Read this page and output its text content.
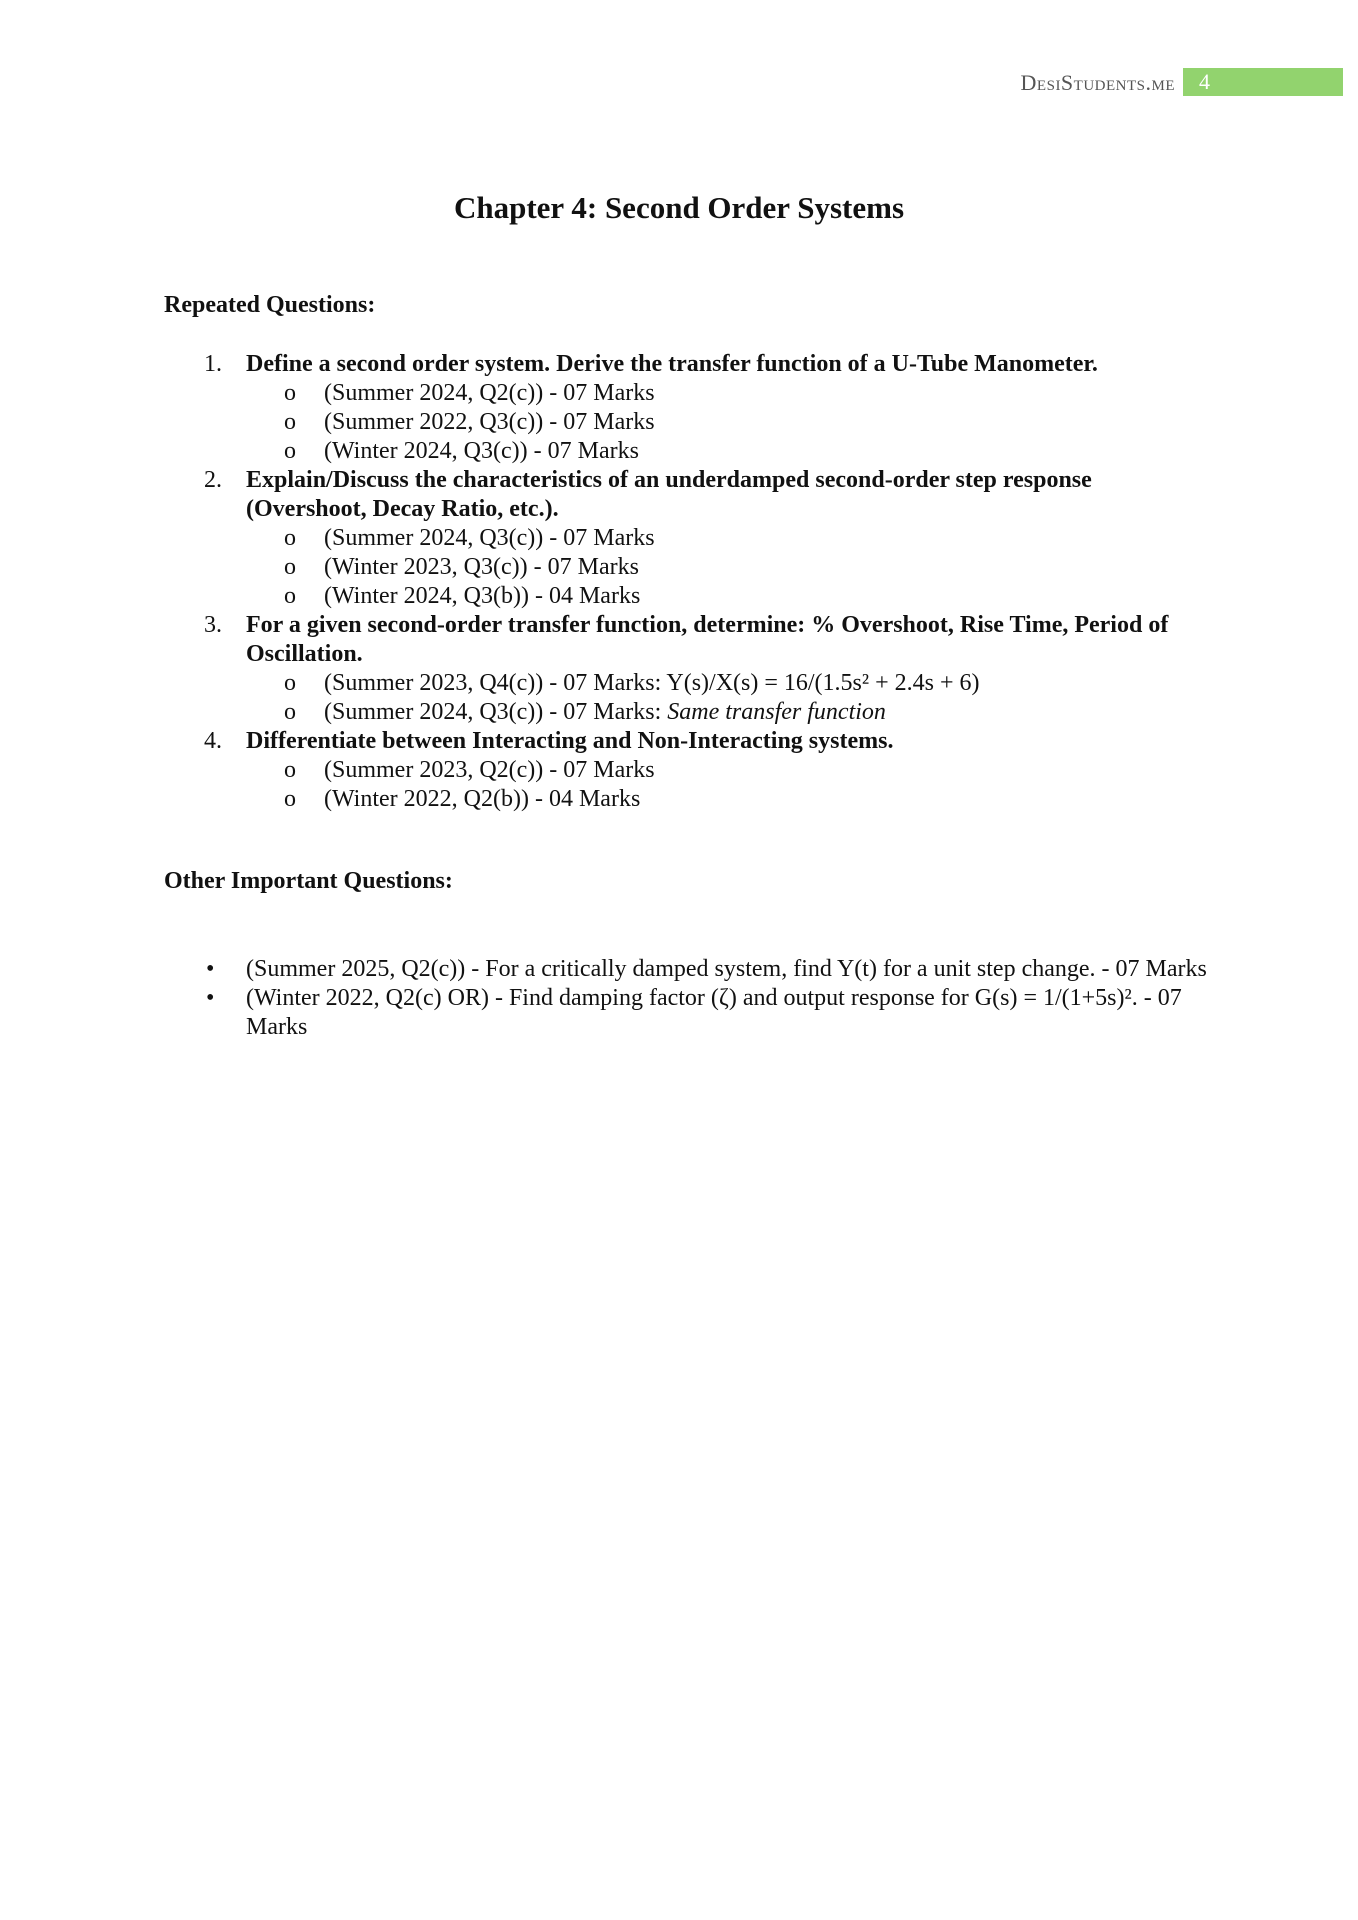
DesiStudents.me	4
Chapter 4: Second Order Systems
Repeated Questions:
1.	Define a second order system. Derive the transfer function of a U-Tube Manometer.
o	(Summer 2024, Q2(c)) - 07 Marks
o	(Summer 2022, Q3(c)) - 07 Marks
o	(Winter 2024, Q3(c)) - 07 Marks
2.	Explain/Discuss the characteristics of an underdamped second-order step response (Overshoot, Decay Ratio, etc.).
o	(Summer 2024, Q3(c)) - 07 Marks
o	(Winter 2023, Q3(c)) - 07 Marks
o	(Winter 2024, Q3(b)) - 04 Marks
3.	For a given second-order transfer function, determine: % Overshoot, Rise Time, Period of Oscillation.
o	(Summer 2023, Q4(c)) - 07 Marks: Y(s)/X(s) = 16/(1.5s² + 2.4s + 6)
o	(Summer 2024, Q3(c)) - 07 Marks: Same transfer function
4.	Differentiate between Interacting and Non-Interacting systems.
o	(Summer 2023, Q2(c)) - 07 Marks
o	(Winter 2022, Q2(b)) - 04 Marks
Other Important Questions:
•	(Summer 2025, Q2(c)) - For a critically damped system, find Y(t) for a unit step change. - 07 Marks
•	(Winter 2022, Q2(c) OR) - Find damping factor (ζ) and output response for G(s) = 1/(1+5s)². - 07 Marks
